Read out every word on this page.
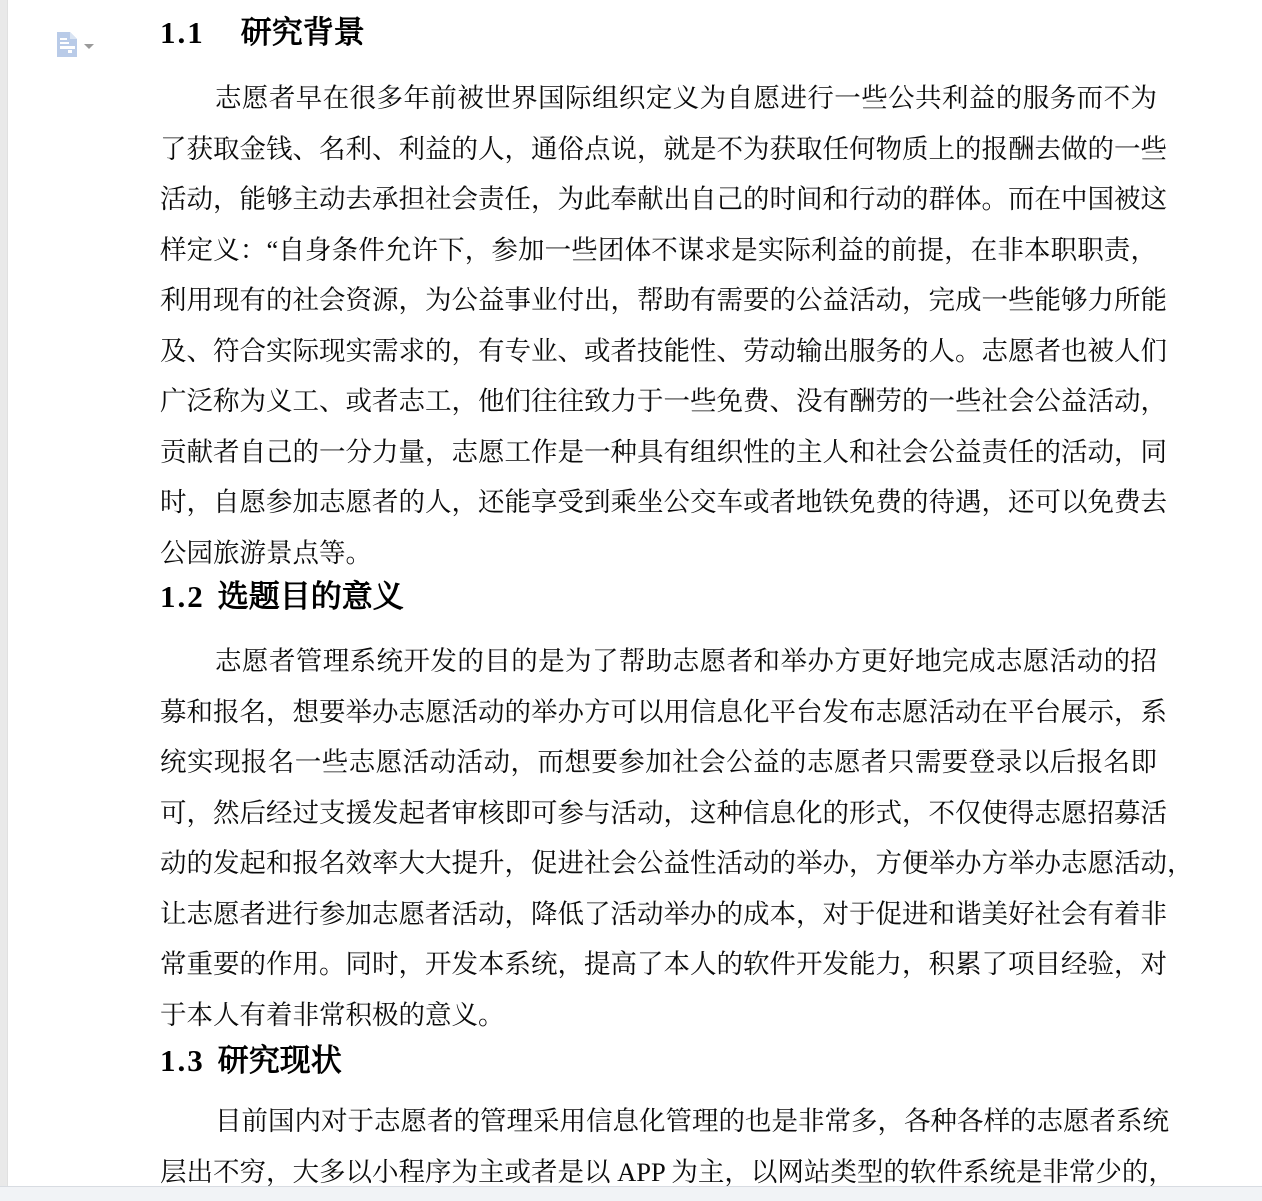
1.1 研究背景
志愿者早在很多年前被世界国际组织定义为自愿进行一些公共利益的服务而不为
了获取金钱、名利、利益的人，通俗点说，就是不为获取任何物质上的报酬去做的一些
活动，能够主动去承担社会责任，为此奉献出自己的时间和行动的群体。而在中国被这
样定义：“自身条件允许下，参加一些团体不谋求是实际利益的前提，在非本职职责，
利用现有的社会资源，为公益事业付出，帮助有需要的公益活动，完成一些能够力所能
及、符合实际现实需求的，有专业、或者技能性、劳动输出服务的人。志愿者也被人们
广泛称为义工、或者志工，他们往往致力于一些免费、没有酬劳的一些社会公益活动，
贡献者自己的一分力量，志愿工作是一种具有组织性的主人和社会公益责任的活动，同
时，自愿参加志愿者的人，还能享受到乘坐公交车或者地铁免费的待遇，还可以免费去
公园旅游景点等。
1.2 选题目的意义
志愿者管理系统开发的目的是为了帮助志愿者和举办方更好地完成志愿活动的招
募和报名，想要举办志愿活动的举办方可以用信息化平台发布志愿活动在平台展示，系
统实现报名一些志愿活动活动，而想要参加社会公益的志愿者只需要登录以后报名即
可，然后经过支援发起者审核即可参与活动，这种信息化的形式，不仅使得志愿招募活
动的发起和报名效率大大提升，促进社会公益性活动的举办，方便举办方举办志愿活动，
让志愿者进行参加志愿者活动，降低了活动举办的成本，对于促进和谐美好社会有着非
常重要的作用。同时，开发本系统，提高了本人的软件开发能力，积累了项目经验，对
于本人有着非常积极的意义。
1.3 研究现状
目前国内对于志愿者的管理采用信息化管理的也是非常多，各种各样的志愿者系统
层出不穷，大多以小程序为主或者是以 APP 为主，以网站类型的软件系统是非常少的，
